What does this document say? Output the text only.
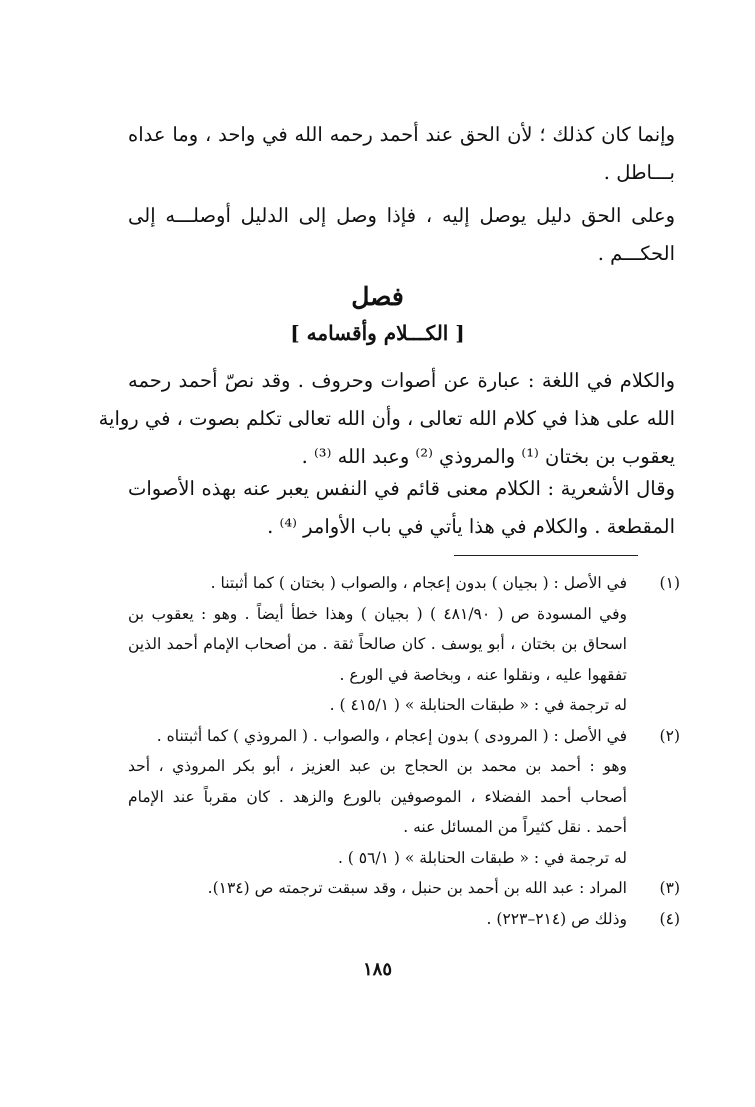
وإنما كان كذلك ؛ لأن الحق عند أحمد رحمه الله في واحد ، وما عداه
بـــاطل .
وعلى الحق دليل يوصل إليه ، فإذا وصل إلى الدليل أوصلـــه إلى
الحكـــم .
فصل
[ الكـــلام وأقسامه ]
والكلام في اللغة : عبارة عن أصوات وحروف . وقد نصّ أحمد رحمه
الله على هذا في كلام الله تعالى ، وأن الله تعالى تكلم بصوت ، في رواية
يعقوب بن بختان ⁽¹⁾ والمروذي ⁽²⁾ وعبد الله ⁽³⁾ .
وقال الأشعرية : الكلام معنى قائم في النفس يعبر عنه بهذه الأصوات
المقطعة . والكلام في هذا يأتي في باب الأوامر ⁽⁴⁾ .
(١)
في الأصل : ( بجيان ) بدون إعجام ، والصواب ( بختان ) كما أثبتنا .
وفي المسودة ص ( ٤٨١/٩٠ ) ( بجيان ) وهذا خطأ أيضاً . وهو : يعقوب بن
اسحاق بن بختان ، أبو يوسف . كان صالحاً ثقة . من أصحاب الإمام أحمد الذين
تفقهوا عليه ، ونقلوا عنه ، وبخاصة في الورع .
له ترجمة في : « طبقات الحنابلة » ( ٤١٥/١ ) .
(٢)
في الأصل : ( المرودى ) بدون إعجام ، والصواب . ( المروذي ) كما أثبتناه .
وهو : أحمد بن محمد بن الحجاج بن عبد العزيز ، أبو بكر المروذي ، أحد
أصحاب أحمد الفضلاء ، الموصوفين بالورع والزهد . كان مقرباً عند الإمام
أحمد . نقل كثيراً من المسائل عنه .
له ترجمة في : « طبقات الحنابلة » ( ٥٦/١ ) .
(٣)
المراد : عبد الله بن أحمد بن حنبل ، وقد سبقت ترجمته ص (١٣٤).
(٤)
وذلك ص (٢١٤–٢٢٣) .
١٨٥
